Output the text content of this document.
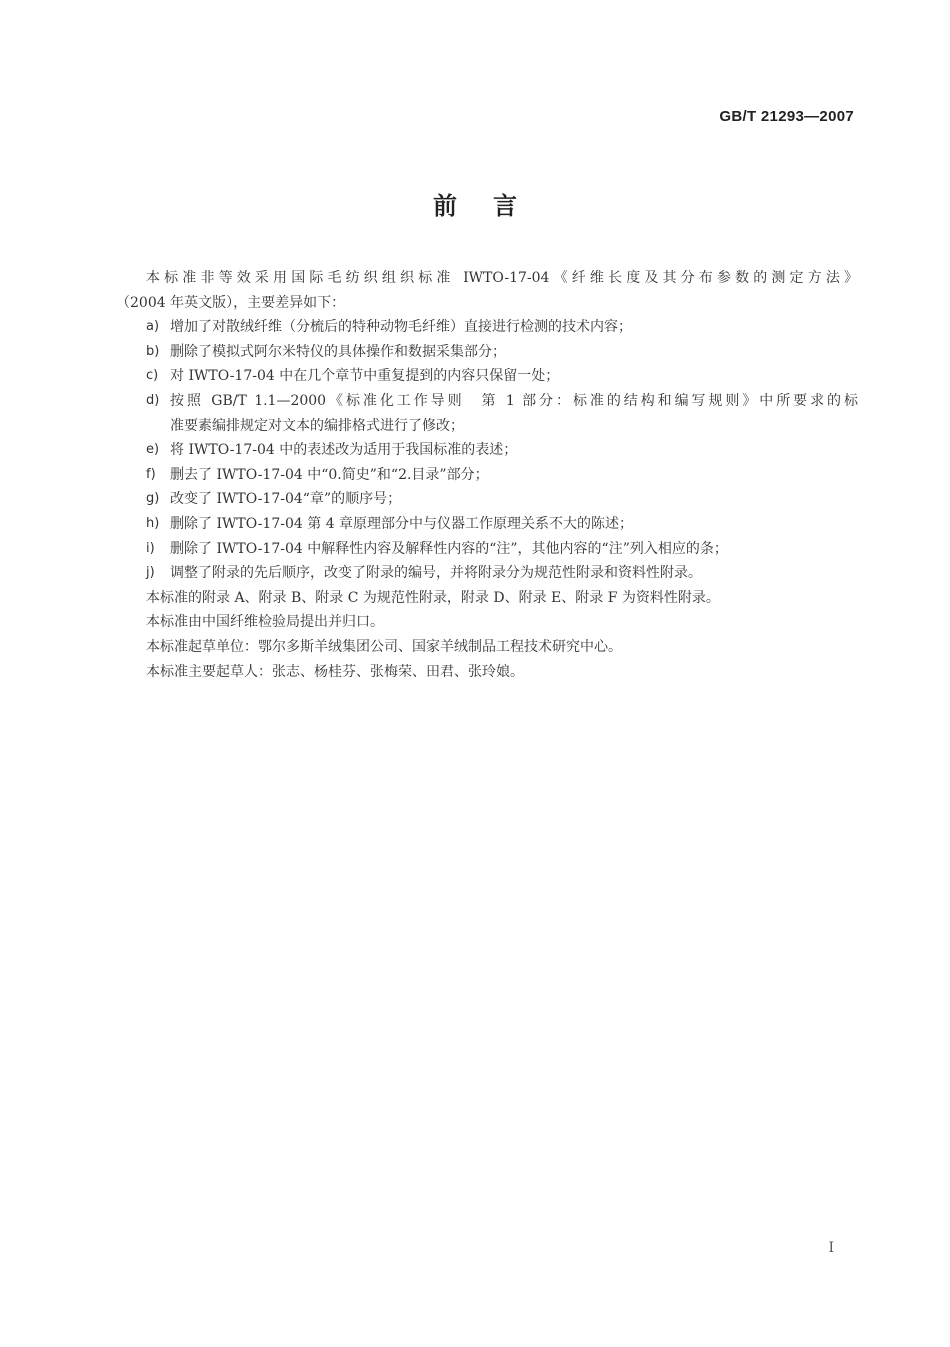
GB/T 21293—2007
前言

本标准非等效采用国际毛纺织组织标准 IWTO-17-04《纤维长度及其分布参数的测定方法》

（2004 年英文版），主要差异如下：

a) 增加了对散绒纤维（分梳后的特种动物毛纤维）直接进行检测的技术内容；
b) 删除了模拟式阿尔米特仪的具体操作和数据采集部分；
c) 对 IWTO-17-04 中在几个章节中重复提到的内容只保留一处；
d) 按照 GB/T 1.1—2000《标准化工作导则　第 1 部分：标准的结构和编写规则》中所要求的标
准要素编排规定对文本的编排格式进行了修改；
e) 将 IWTO-17-04 中的表述改为适用于我国标准的表述；
f)	删去了 IWTO-17-04 中“0.简史”和“2.目录”部分；
g) 改变了 IWTO-17-04“章”的顺序号；
h) 删除了 IWTO-17-04 第 4 章原理部分中与仪器工作原理关系不大的陈述；
i)	删除了 IWTO-17-04 中解释性内容及解释性内容的“注”，其他内容的“注”列入相应的条；
j)	调整了附录的先后顺序，改变了附录的编号，并将附录分为规范性附录和资料性附录。

本标准的附录 A、附录 B、附录 C 为规范性附录，附录 D、附录 E、附录 F 为资料性附录。

本标准由中国纤维检验局提出并归口。

本标准起草单位：鄂尔多斯羊绒集团公司、国家羊绒制品工程技术研究中心。

本标准主要起草人：张志、杨桂芬、张梅荣、田君、张玲娘。

I
